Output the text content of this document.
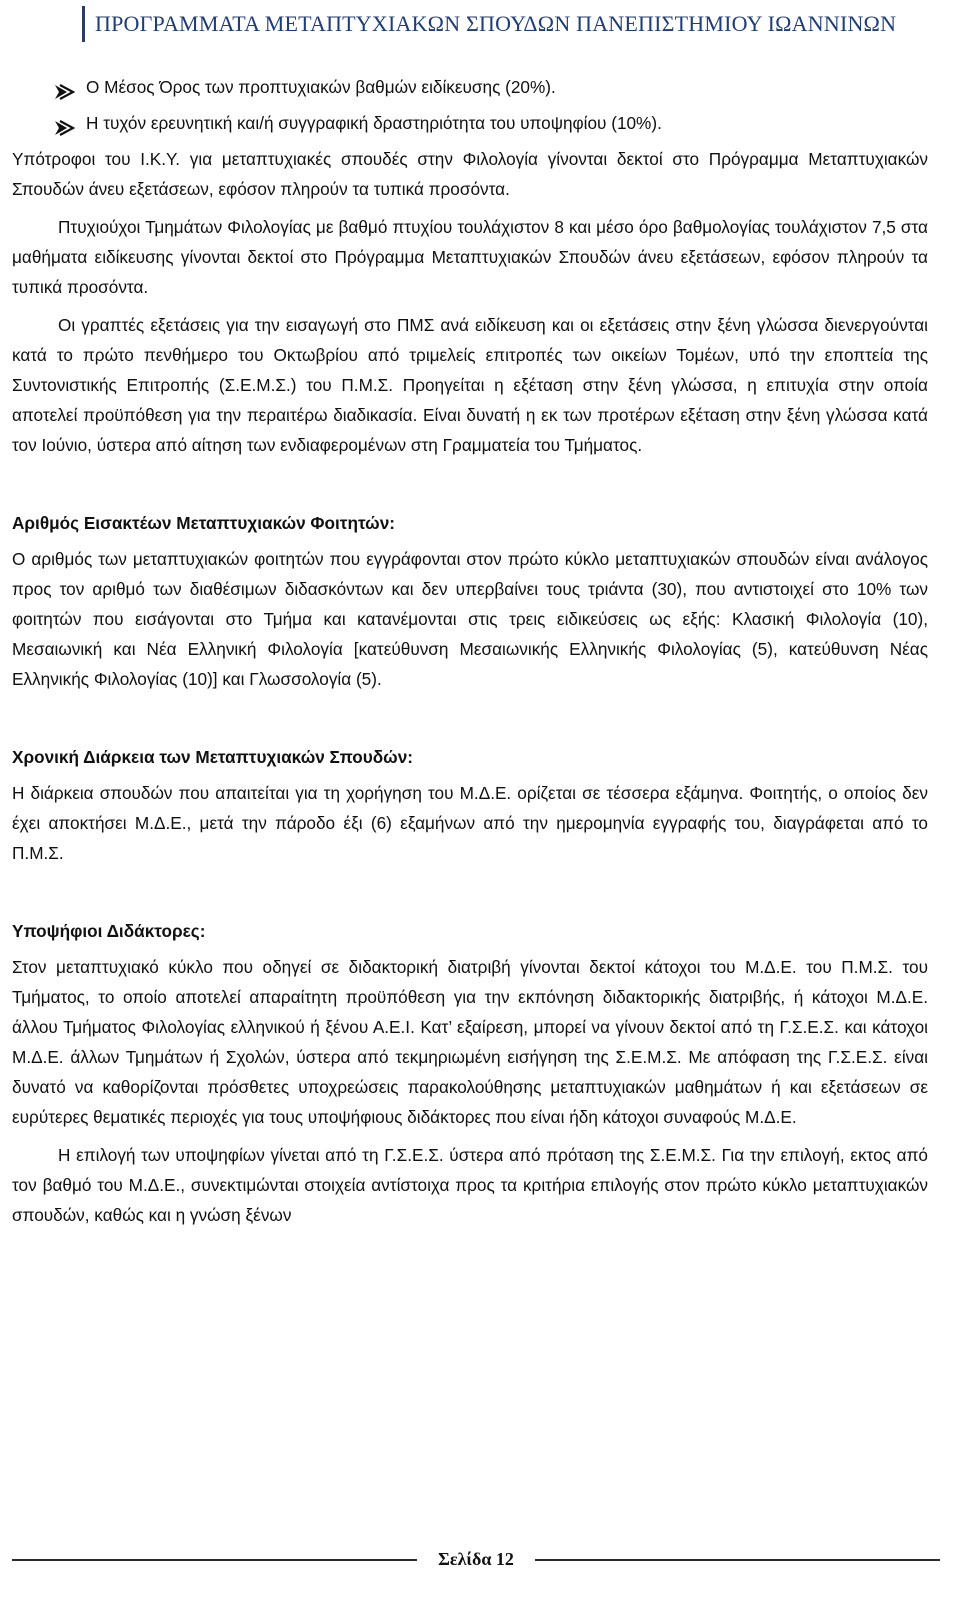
ΠΡΟΓΡΑΜΜΑΤΑ ΜΕΤΑΠΤΥΧΙΑΚΩΝ ΣΠΟΥΔΩΝ ΠΑΝΕΠΙΣΤΗΜΙΟΥ ΙΩΑΝΝΙΝΩΝ
Ο Μέσος Όρος των προπτυχιακών βαθμών ειδίκευσης (20%).
Η τυχόν ερευνητική και/ή συγγραφική δραστηριότητα του υποψηφίου (10%).

Υπότροφοι του Ι.Κ.Υ. για μεταπτυχιακές σπουδές στην Φιλολογία γίνονται δεκτοί στο Πρόγραμμα Μεταπτυχιακών Σπουδών άνευ εξετάσεων, εφόσον πληρούν τα τυπικά προσόντα.

Πτυχιούχοι Τμημάτων Φιλολογίας με βαθμό πτυχίου τουλάχιστον 8 και μέσο όρο βαθμολογίας τουλάχιστον 7,5 στα μαθήματα ειδίκευσης γίνονται δεκτοί στο Πρόγραμμα Μεταπτυχιακών Σπουδών άνευ εξετάσεων, εφόσον πληρούν τα τυπικά προσόντα.

Οι γραπτές εξετάσεις για την εισαγωγή στο ΠΜΣ ανά ειδίκευση και οι εξετάσεις στην ξένη γλώσσα διενεργούνται κατά το πρώτο πενθήμερο του Οκτωβρίου από τριμελείς επιτροπές των οικείων Τομέων, υπό την εποπτεία της Συντονιστικής Επιτροπής (Σ.Ε.Μ.Σ.) του Π.Μ.Σ. Προηγείται η εξέταση στην ξένη γλώσσα, η επιτυχία στην οποία αποτελεί προϋπόθεση για την περαιτέρω διαδικασία. Είναι δυνατή η εκ των προτέρων εξέταση στην ξένη γλώσσα κατά τον Ιούνιο, ύστερα από αίτηση των ενδιαφερομένων στη Γραμματεία του Τμήματος.

Αριθμός Εισακτέων Μεταπτυχιακών Φοιτητών:

Ο αριθμός των μεταπτυχιακών φοιτητών που εγγράφονται στον πρώτο κύκλο μεταπτυχιακών σπουδών είναι ανάλογος προς τον αριθμό των διαθέσιμων διδασκόντων και δεν υπερβαίνει τους τριάντα (30), που αντιστοιχεί στο 10% των φοιτητών που εισάγονται στο Τμήμα και κατανέμονται στις τρεις ειδικεύσεις ως εξής: Κλασική Φιλολογία (10), Μεσαιωνική και Νέα Ελληνική Φιλολογία [κατεύθυνση Μεσαιωνικής Ελληνικής Φιλολογίας (5), κατεύθυνση Νέας Ελληνικής Φιλολογίας (10)] και Γλωσσολογία (5).

Χρονική Διάρκεια των Μεταπτυχιακών Σπουδών:

Η διάρκεια σπουδών που απαιτείται για τη χορήγηση του Μ.Δ.Ε. ορίζεται σε τέσσερα εξάμηνα. Φοιτητής, ο οποίος δεν έχει αποκτήσει Μ.Δ.Ε., μετά την πάροδο έξι (6) εξαμήνων από την ημερομηνία εγγραφής του, διαγράφεται από το Π.Μ.Σ.

Υποψήφιοι Διδάκτορες:

Στον μεταπτυχιακό κύκλο που οδηγεί σε διδακτορική διατριβή γίνονται δεκτοί κάτοχοι του Μ.Δ.Ε. του Π.Μ.Σ. του Τμήματος, το οποίο αποτελεί απαραίτητη προϋπόθεση για την εκπόνηση διδακτορικής διατριβής, ή κάτοχοι Μ.Δ.Ε. άλλου Τμήματος Φιλολογίας ελληνικού ή ξένου Α.Ε.Ι. Κατ’ εξαίρεση, μπορεί να γίνουν δεκτοί από τη Γ.Σ.Ε.Σ. και κάτοχοι Μ.Δ.Ε. άλλων Τμημάτων ή Σχολών, ύστερα από τεκμηριωμένη εισήγηση της Σ.Ε.Μ.Σ. Με απόφαση της Γ.Σ.Ε.Σ. είναι δυνατό να καθορίζονται πρόσθετες υποχρεώσεις παρακολούθησης μεταπτυχιακών μαθημάτων ή και εξετάσεων σε ευρύτερες θεματικές περιοχές για τους υποψήφιους διδάκτορες που είναι ήδη κάτοχοι συναφούς Μ.Δ.Ε.

Η επιλογή των υποψηφίων γίνεται από τη Γ.Σ.Ε.Σ. ύστερα από πρόταση της Σ.Ε.Μ.Σ. Για την επιλογή, εκτος από τον βαθμό του Μ.Δ.Ε., συνεκτιμώνται στοιχεία αντίστοιχα προς τα κριτήρια επιλογής στον πρώτο κύκλο μεταπτυχιακών σπουδών, καθώς και η γνώση ξένων

Σελίδα 12
